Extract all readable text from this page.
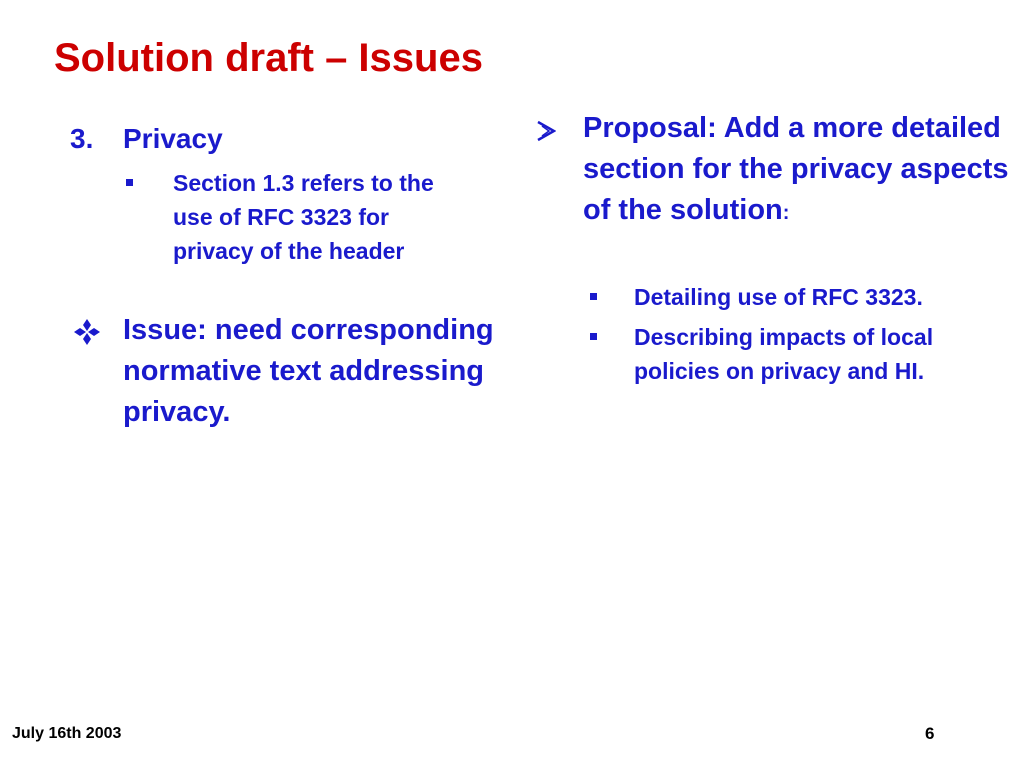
Solution draft – Issues
3. Privacy

Section 1.3 refers to the use of RFC 3323 for privacy of the header

Issue: need corresponding normative text addressing privacy.

Proposal: Add a more detailed section for the privacy aspects of the solution:

Detailing use of RFC 3323.

Describing impacts of local policies on privacy and HI.

July 16th 2003	6
